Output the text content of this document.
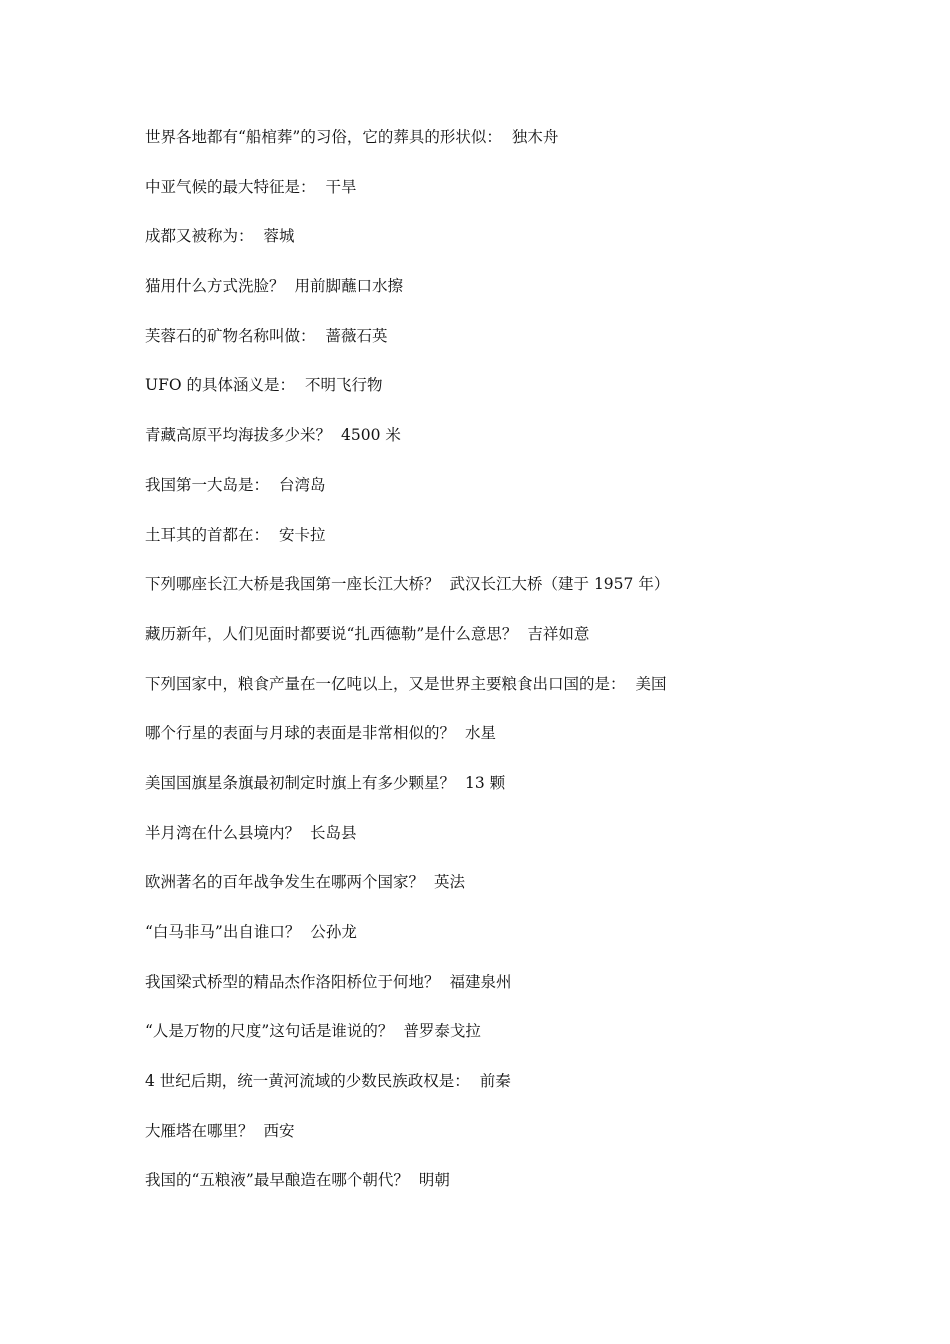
世界各地都有“船棺葬”的习俗，它的葬具的形状似： 独木舟
中亚气候的最大特征是： 干旱
成都又被称为： 蓉城
猫用什么方式洗脸？ 用前脚蘸口水擦
芙蓉石的矿物名称叫做： 蔷薇石英
UFO 的具体涵义是： 不明飞行物
青藏高原平均海拔多少米？ 4500 米
我国第一大岛是： 台湾岛
土耳其的首都在： 安卡拉
下列哪座长江大桥是我国第一座长江大桥？ 武汉长江大桥（建于 1957 年）
藏历新年，人们见面时都要说“扎西德勒”是什么意思？ 吉祥如意
下列国家中，粮食产量在一亿吨以上，又是世界主要粮食出口国的是： 美国
哪个行星的表面与月球的表面是非常相似的？ 水星
美国国旗星条旗最初制定时旗上有多少颗星？ 13 颗
半月湾在什么县境内？ 长岛县
欧洲著名的百年战争发生在哪两个国家？ 英法
“白马非马”出自谁口？ 公孙龙
我国梁式桥型的精品杰作洛阳桥位于何地？ 福建泉州
“人是万物的尺度”这句话是谁说的？ 普罗泰戈拉
4 世纪后期，统一黄河流域的少数民族政权是： 前秦
大雁塔在哪里？ 西安
我国的“五粮液”最早酿造在哪个朝代？ 明朝
